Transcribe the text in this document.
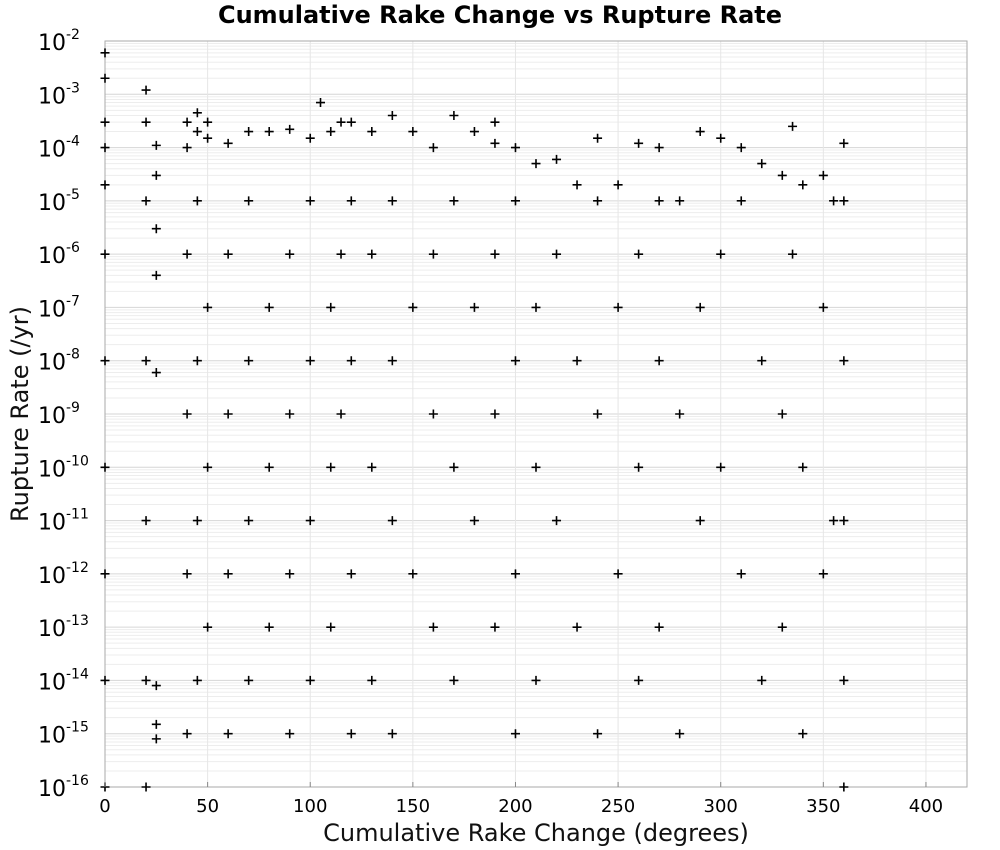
Cumulative Rake Change vs Rupture Rate
0	50	100	150	200	250	300	350	400
$10^{-2}$
$10^{-3}$
$10^{-4}$
$10^{-5}$
$10^{-6}$
$10^{-7}$
$10^{-8}$
$10^{-9}$
$10^{-10}$
$10^{-11}$
$10^{-12}$
$10^{-13}$
$10^{-14}$
$10^{-15}$
$10^{-16}$
Cumulative Rake Change (degrees)
Rupture Rate (/yr)
